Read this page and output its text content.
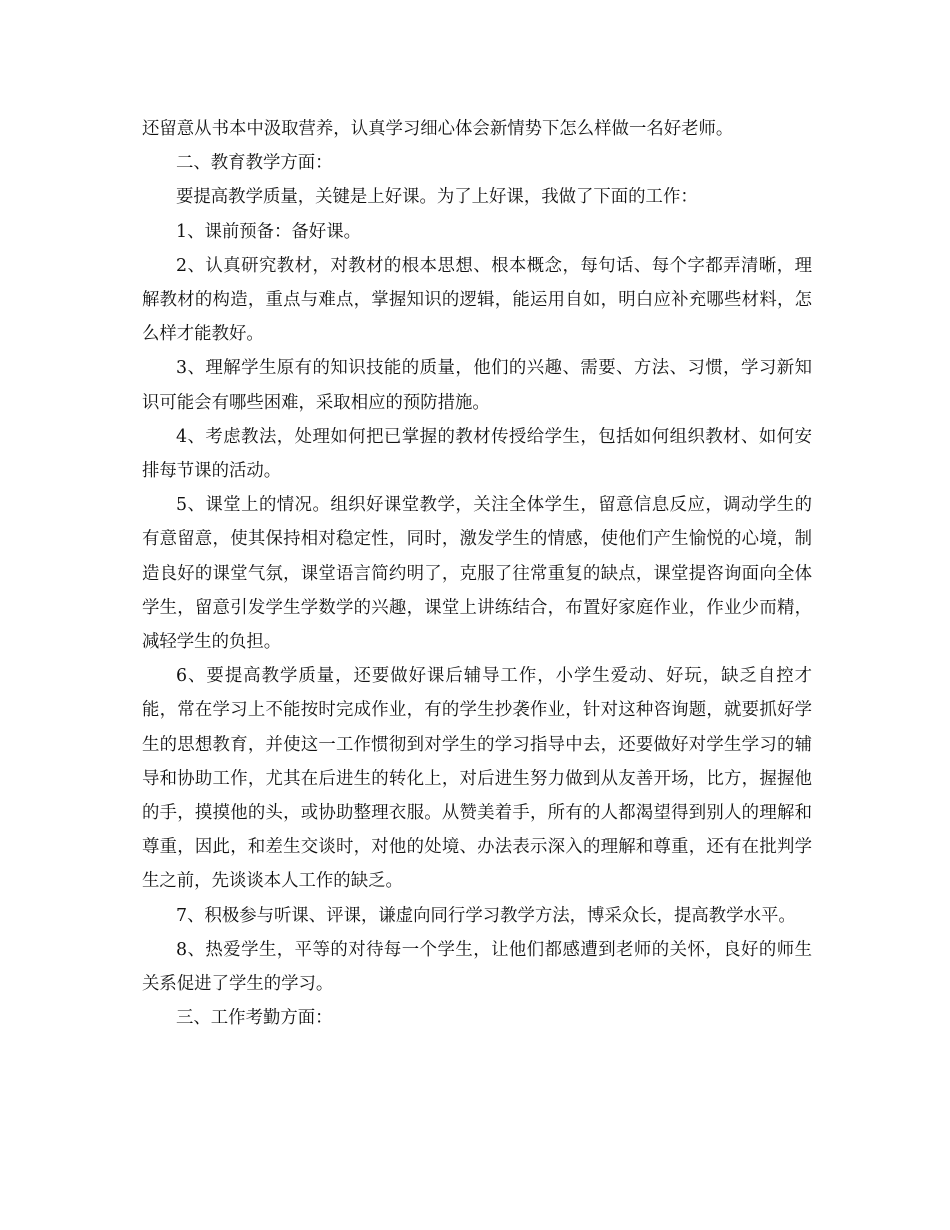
还留意从书本中汲取营养，认真学习细心体会新情势下怎么样做一名好老师。

二、教育教学方面：

要提高教学质量，关键是上好课。为了上好课，我做了下面的工作：

1、课前预备：备好课。

2、认真研究教材，对教材的根本思想、根本概念，每句话、每个字都弄清晰，理解教材的构造，重点与难点，掌握知识的逻辑，能运用自如，明白应补充哪些材料，怎么样才能教好。

3、理解学生原有的知识技能的质量，他们的兴趣、需要、方法、习惯，学习新知识可能会有哪些困难，采取相应的预防措施。

4、考虑教法，处理如何把已掌握的教材传授给学生，包括如何组织教材、如何安排每节课的活动。

5、课堂上的情况。组织好课堂教学，关注全体学生，留意信息反应，调动学生的有意留意，使其保持相对稳定性，同时，激发学生的情感，使他们产生愉悦的心境，制造良好的课堂气氛，课堂语言简约明了，克服了往常重复的缺点，课堂提咨询面向全体学生，留意引发学生学数学的兴趣，课堂上讲练结合，布置好家庭作业，作业少而精，减轻学生的负担。

6、要提高教学质量，还要做好课后辅导工作，小学生爱动、好玩，缺乏自控才能，常在学习上不能按时完成作业，有的学生抄袭作业，针对这种咨询题，就要抓好学生的思想教育，并使这一工作惯彻到对学生的学习指导中去，还要做好对学生学习的辅导和协助工作，尤其在后进生的转化上，对后进生努力做到从友善开场，比方，握握他的手，摸摸他的头，或协助整理衣服。从赞美着手，所有的人都渴望得到别人的理解和尊重，因此，和差生交谈时，对他的处境、办法表示深入的理解和尊重，还有在批判学生之前，先谈谈本人工作的缺乏。

7、积极参与听课、评课，谦虚向同行学习教学方法，博采众长，提高教学水平。

8、热爱学生，平等的对待每一个学生，让他们都感遭到老师的关怀，良好的师生关系促进了学生的学习。

三、工作考勤方面：
